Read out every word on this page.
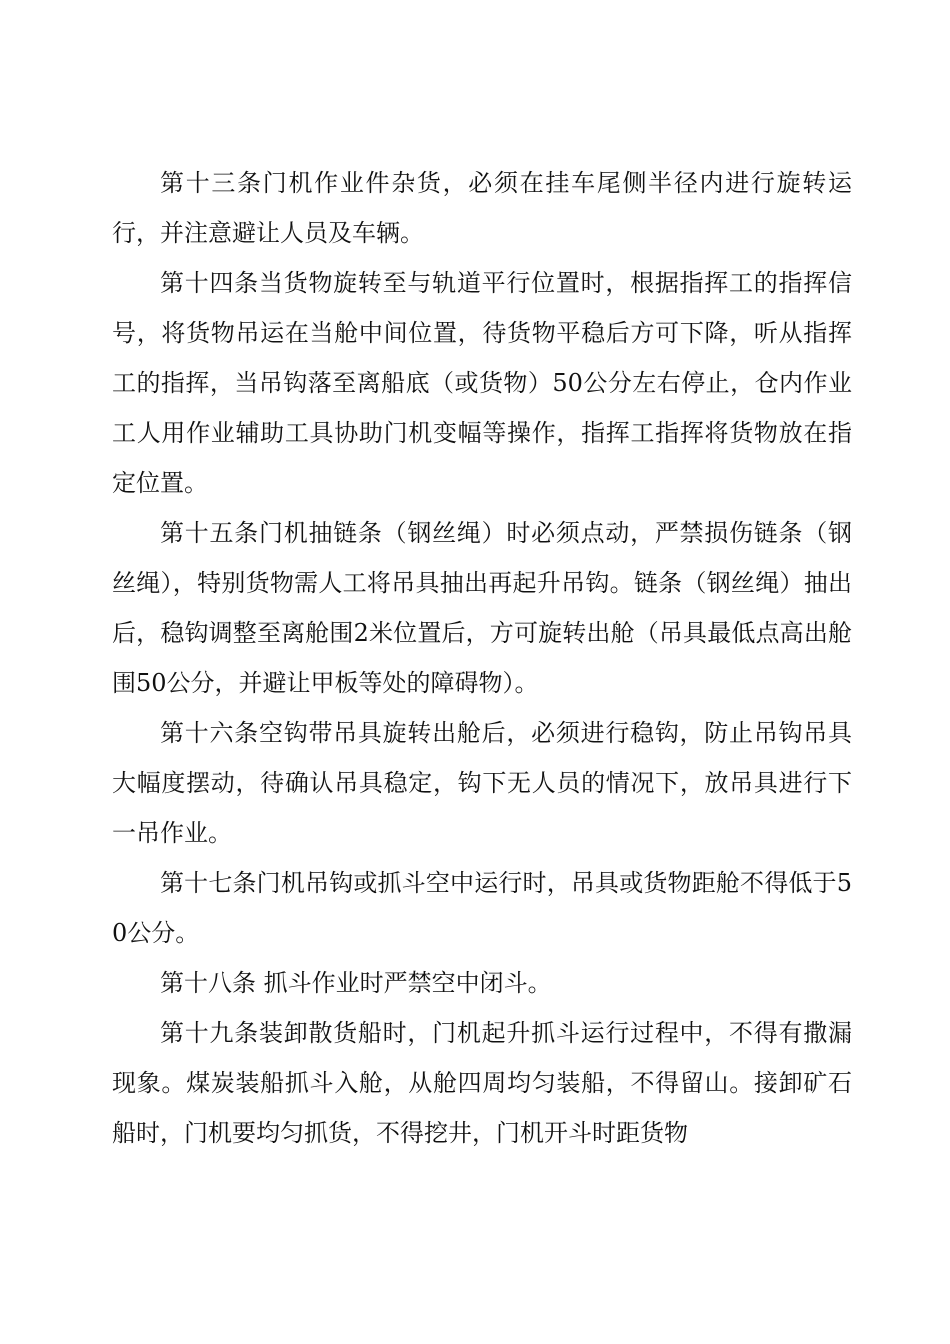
第十三条门机作业件杂货，必须在挂车尾侧半径内进行旋转运行，并注意避让人员及车辆。

第十四条当货物旋转至与轨道平行位置时，根据指挥工的指挥信号，将货物吊运在当舱中间位置，待货物平稳后方可下降，听从指挥工的指挥，当吊钩落至离船底（或货物）50公分左右停止，仓内作业工人用作业辅助工具协助门机变幅等操作，指挥工指挥将货物放在指定位置。

第十五条门机抽链条（钢丝绳）时必须点动，严禁损伤链条（钢丝绳），特别货物需人工将吊具抽出再起升吊钩。链条（钢丝绳）抽出后，稳钩调整至离舱围2米位置后，方可旋转出舱（吊具最低点高出舱围50公分，并避让甲板等处的障碍物）。

第十六条空钩带吊具旋转出舱后，必须进行稳钩，防止吊钩吊具大幅度摆动，待确认吊具稳定，钩下无人员的情况下，放吊具进行下一吊作业。

第十七条门机吊钩或抓斗空中运行时，吊具或货物距舱不得低于50公分。

第十八条 抓斗作业时严禁空中闭斗。

第十九条装卸散货船时，门机起升抓斗运行过程中，不得有撒漏现象。煤炭装船抓斗入舱，从舱四周均匀装船，不得留山。接卸矿石船时，门机要均匀抓货，不得挖井，门机开斗时距货物
